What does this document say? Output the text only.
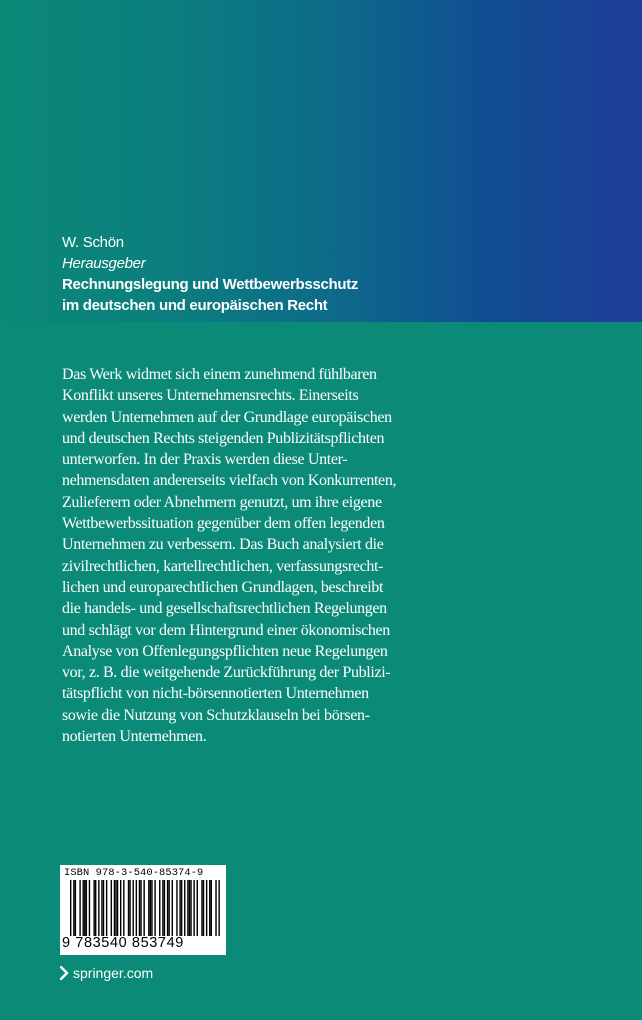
W. Schön
Herausgeber
Rechnungslegung und Wettbewerbsschutz
im deutschen und europäischen Recht
Das Werk widmet sich einem zunehmend fühlbaren
Konflikt unseres Unternehmensrechts. Einerseits
werden Unternehmen auf der Grundlage europäischen
und deutschen Rechts steigenden Publizitätspflichten
unterworfen. In der Praxis werden diese Unter-
nehmensdaten andererseits vielfach von Konkurrenten,
Zulieferern oder Abnehmern genutzt, um ihre eigene
Wettbewerbssituation gegenüber dem offen legenden
Unternehmen zu verbessern. Das Buch analysiert die
zivilrechtlichen, kartellrechtlichen, verfassungsrecht-
lichen und europarechtlichen Grundlagen, beschreibt
die handels- und gesellschaftsrechtlichen Regelungen
und schlägt vor dem Hintergrund einer ökonomischen
Analyse von Offenlegungspflichten neue Regelungen
vor, z. B. die weitgehende Zurückführung der Publizi-
tätspflicht von nicht-börsennotierten Unternehmen
sowie die Nutzung von Schutzklauseln bei börsen-
notierten Unternehmen.
ISBN 978-3-540-85374-9
9 783540 853749
springer.com
